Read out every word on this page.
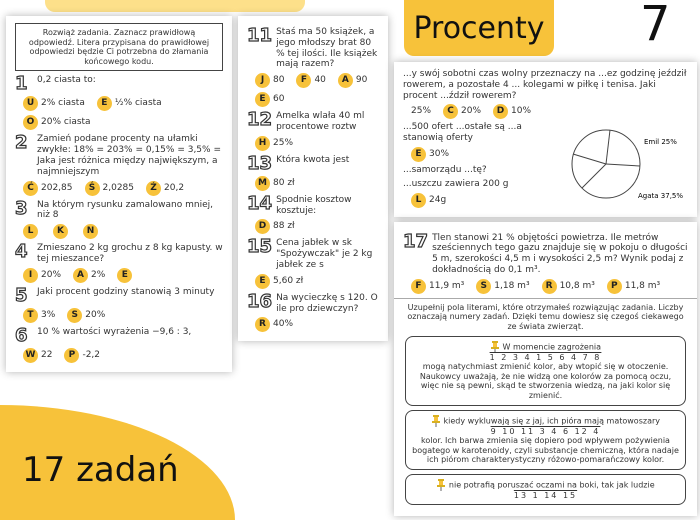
17 zadań
Rozwiąż zadania. Zaznacz prawidłową odpowiedź. Litera przypisana do prawidłowej odpowiedzi będzie Ci potrzebna do złamania końcowego kodu.
1	0,2 ciasta to:
U 2% ciasta	E ½% ciasta
O 20% ciasta
2	Zamień podane procenty na ułamki zwykłe: 18% = 203% = 0,15% = 3,5% = Jaka jest różnica między największym, a najmniejszym
Ć 202,85	Ś 2,0285	Ź 20,2
3	Na którym rysunku zamalowano mniej, niż 8
L	K	N
4	Zmieszano 2 kg grochu z 8 kg kapusty. w tej mieszance?
I 20%	A 2%	E
5	Jaki procent godziny stanowią 3 minuty
T 3%	S 20%
6	10 % wartości wyrażenia −9,6 : 3,
W 22	P -2,2
11 Staś ma 50 książek, a jego młodszy brat 80 % tej ilości. Ile książek mają razem?
J 80	F 40	A 90
E 60
12 Amelka wlała 40 ml procentowe roztw
H 25%
13 Która kwota jest
M 80 zł
14 Spodnie kosztow kosztuje:
D 88 zł
15 Cena jabłek w sk "Spożywczak" je 2 kg jabłek ze s
E 5,60 zł
16 Na wycieczkę s 120. O ile pro dziewczyn?
R 40%
Procenty 7
...y swój sobotni czas wolny przeznaczy na ...ez godzinę jeździł rowerem, a pozostałe 4 ... kolegami w piłkę i tenisa. Jaki procent ...ździł rowerem?
25%	C 20%	D 10%
...500 ofert ...ostałe są ...a stanowią oferty
E 30%
...samorządu ...tę?
...uszczu zawiera 200 g
L 24g
Emil 25%
Agata 37,5%
17 Tlen stanowi 21 % objętości powietrza. Ile metrów sześciennych tego gazu znajduje się w pokoju o długości 5 m, szerokości 4,5 m i wysokości 2,5 m? Wynik podaj z dokładnością do 0,1 m³.
F 11,9 m³	S 1,18 m³	R 10,8 m³	P 11,8 m³
Uzupełnij pola literami, które otrzymałeś rozwiązując zadania. Liczby oznaczają numery zadań. Dzięki temu dowiesz się czegoś ciekawego ze świata zwierząt.
W momencie zagrożenia
1 2 3 4 1 5 6 4 7 8
mogą natychmiast zmienić kolor, aby wtopić się w otoczenie. Naukowcy uważają, że nie widzą one kolorów za pomocą oczu, więc nie są pewni, skąd te stworzenia wiedzą, na jaki kolor się zmienić.
kiedy wykluwają się z jaj, ich pióra mają matowoszary
9 10 11 3 4 6 12 4
kolor. Ich barwa zmienia się dopiero pod wpływem pożywienia bogatego w karotenoidy, czyli substancje chemiczną, która nadaje ich piórom charakterystyczny różowo-pomarańczowy kolor.
nie potrafią poruszać oczami na boki, tak jak ludzie
13 1 14 15
